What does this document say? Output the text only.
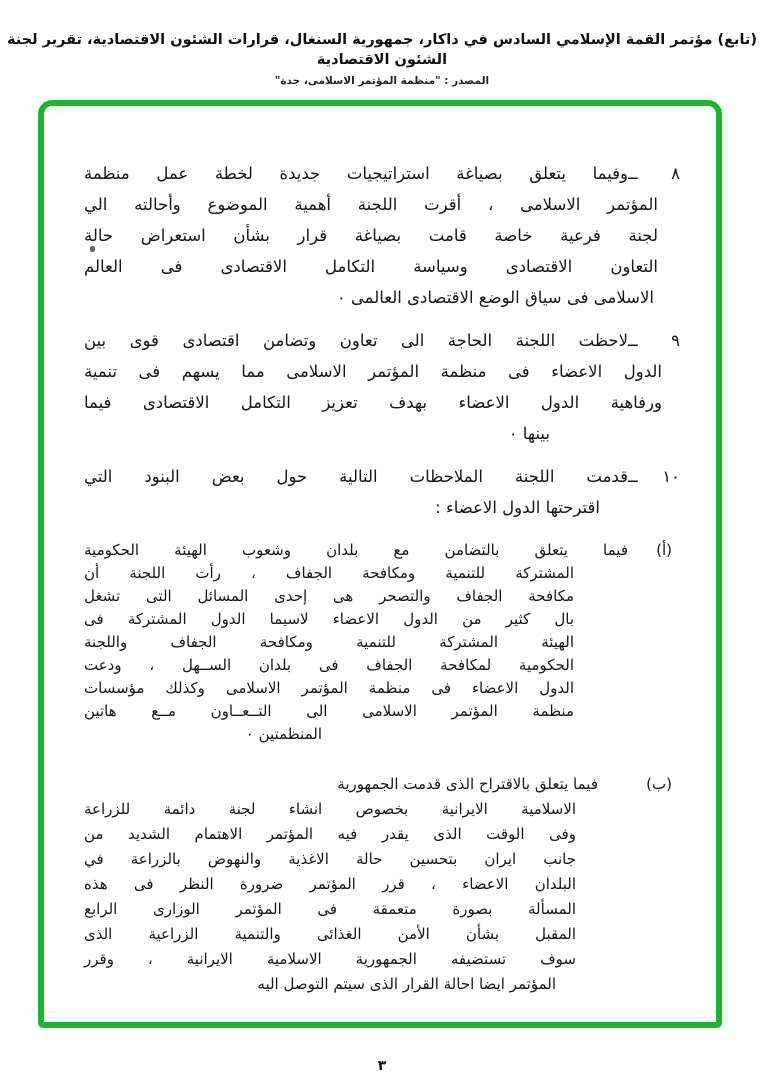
(تابع) مؤتمر القمة الإسلامي السادس في داكار، جمهورية السنغال، قرارات الشئون الاقتصادية، تقرير لجنة الشئون الاقتصادية
المصدر : "منظمة المؤتمر الاسلامى، جدة"
٨ ــوفيما يتعلق بصياغة استراتيجيات جديدة لخطة عمل منظمة
المؤتمر الاسلامى ، أقرت اللجنة أهمية الموضوع وأحالته الي
لجنة فرعية خاصة قامت بصياغة قرار بشأن استعراض حالة
التعاون الاقتصادى وسياسة التكامل الاقتصادى فى العالم
الاسلامى فى سياق الوضع الاقتصادى العالمى ٠
٩ ــلاحظت اللجنة الحاجة الى تعاون وتضامن اقتصادى قوى بين
الدول الاعضاء فى منظمة المؤتمر الاسلامى مما يسهم فى تنمية
ورفاهية الدول الاعضاء بهدف تعزيز التكامل الاقتصادى فيما
بينها ٠
١٠ ــقدمت اللجنة الملاحظات التالية حول بعض البنود التي
اقترحتها الدول الاعضاء :
(أ)فيما يتعلق بالتضامن مع بلدان وشعوب الهيئة الحكومية
المشتركة للتنمية ومكافحة الجفاف ، رأت اللجنة أن
مكافحة الجفاف والتصحر هى إحدى المسائل التى تشغل
بال كثير من الدول الاعضاء لاسيما الدول المشتركة فى
الهيئة المشتركة للتنمية ومكافحة الجفاف واللجنة
الحكومية لمكافحة الجفاف فى بلدان الســهل ، ودعت
الدول الاعضاء فى منظمة المؤتمر الاسلامى وكذلك مؤسسات
منظمة المؤتمر الاسلامى الى التــعــاون مــع هاتين
المنظمتين ٠
(ب)فيما يتعلق بالاقتراح الذى قدمت الجمهورية
الاسلامية الايرانية بخصوص انشاء لجنة دائمة للزراعة
وفى الوقت الذى يقدر فيه المؤتمر الاهتمام الشديد من
جانب ايران بتحسين حالة الاغذية والنهوض بالزراعة في
البلدان الاعضاء ، قرر المؤتمر ضرورة النظر فى هذه
المسألة بصورة متعمقة فى المؤتمر الوزارى الرابع
المقبل بشأن الأمن الغذائى والتنمية الزراعية الذى
سوف تستضيفه الجمهورية الاسلامية الايرانية ، وقرر
المؤتمر ايضا احالة القرار الذى سيتم التوصل اليه
٣
